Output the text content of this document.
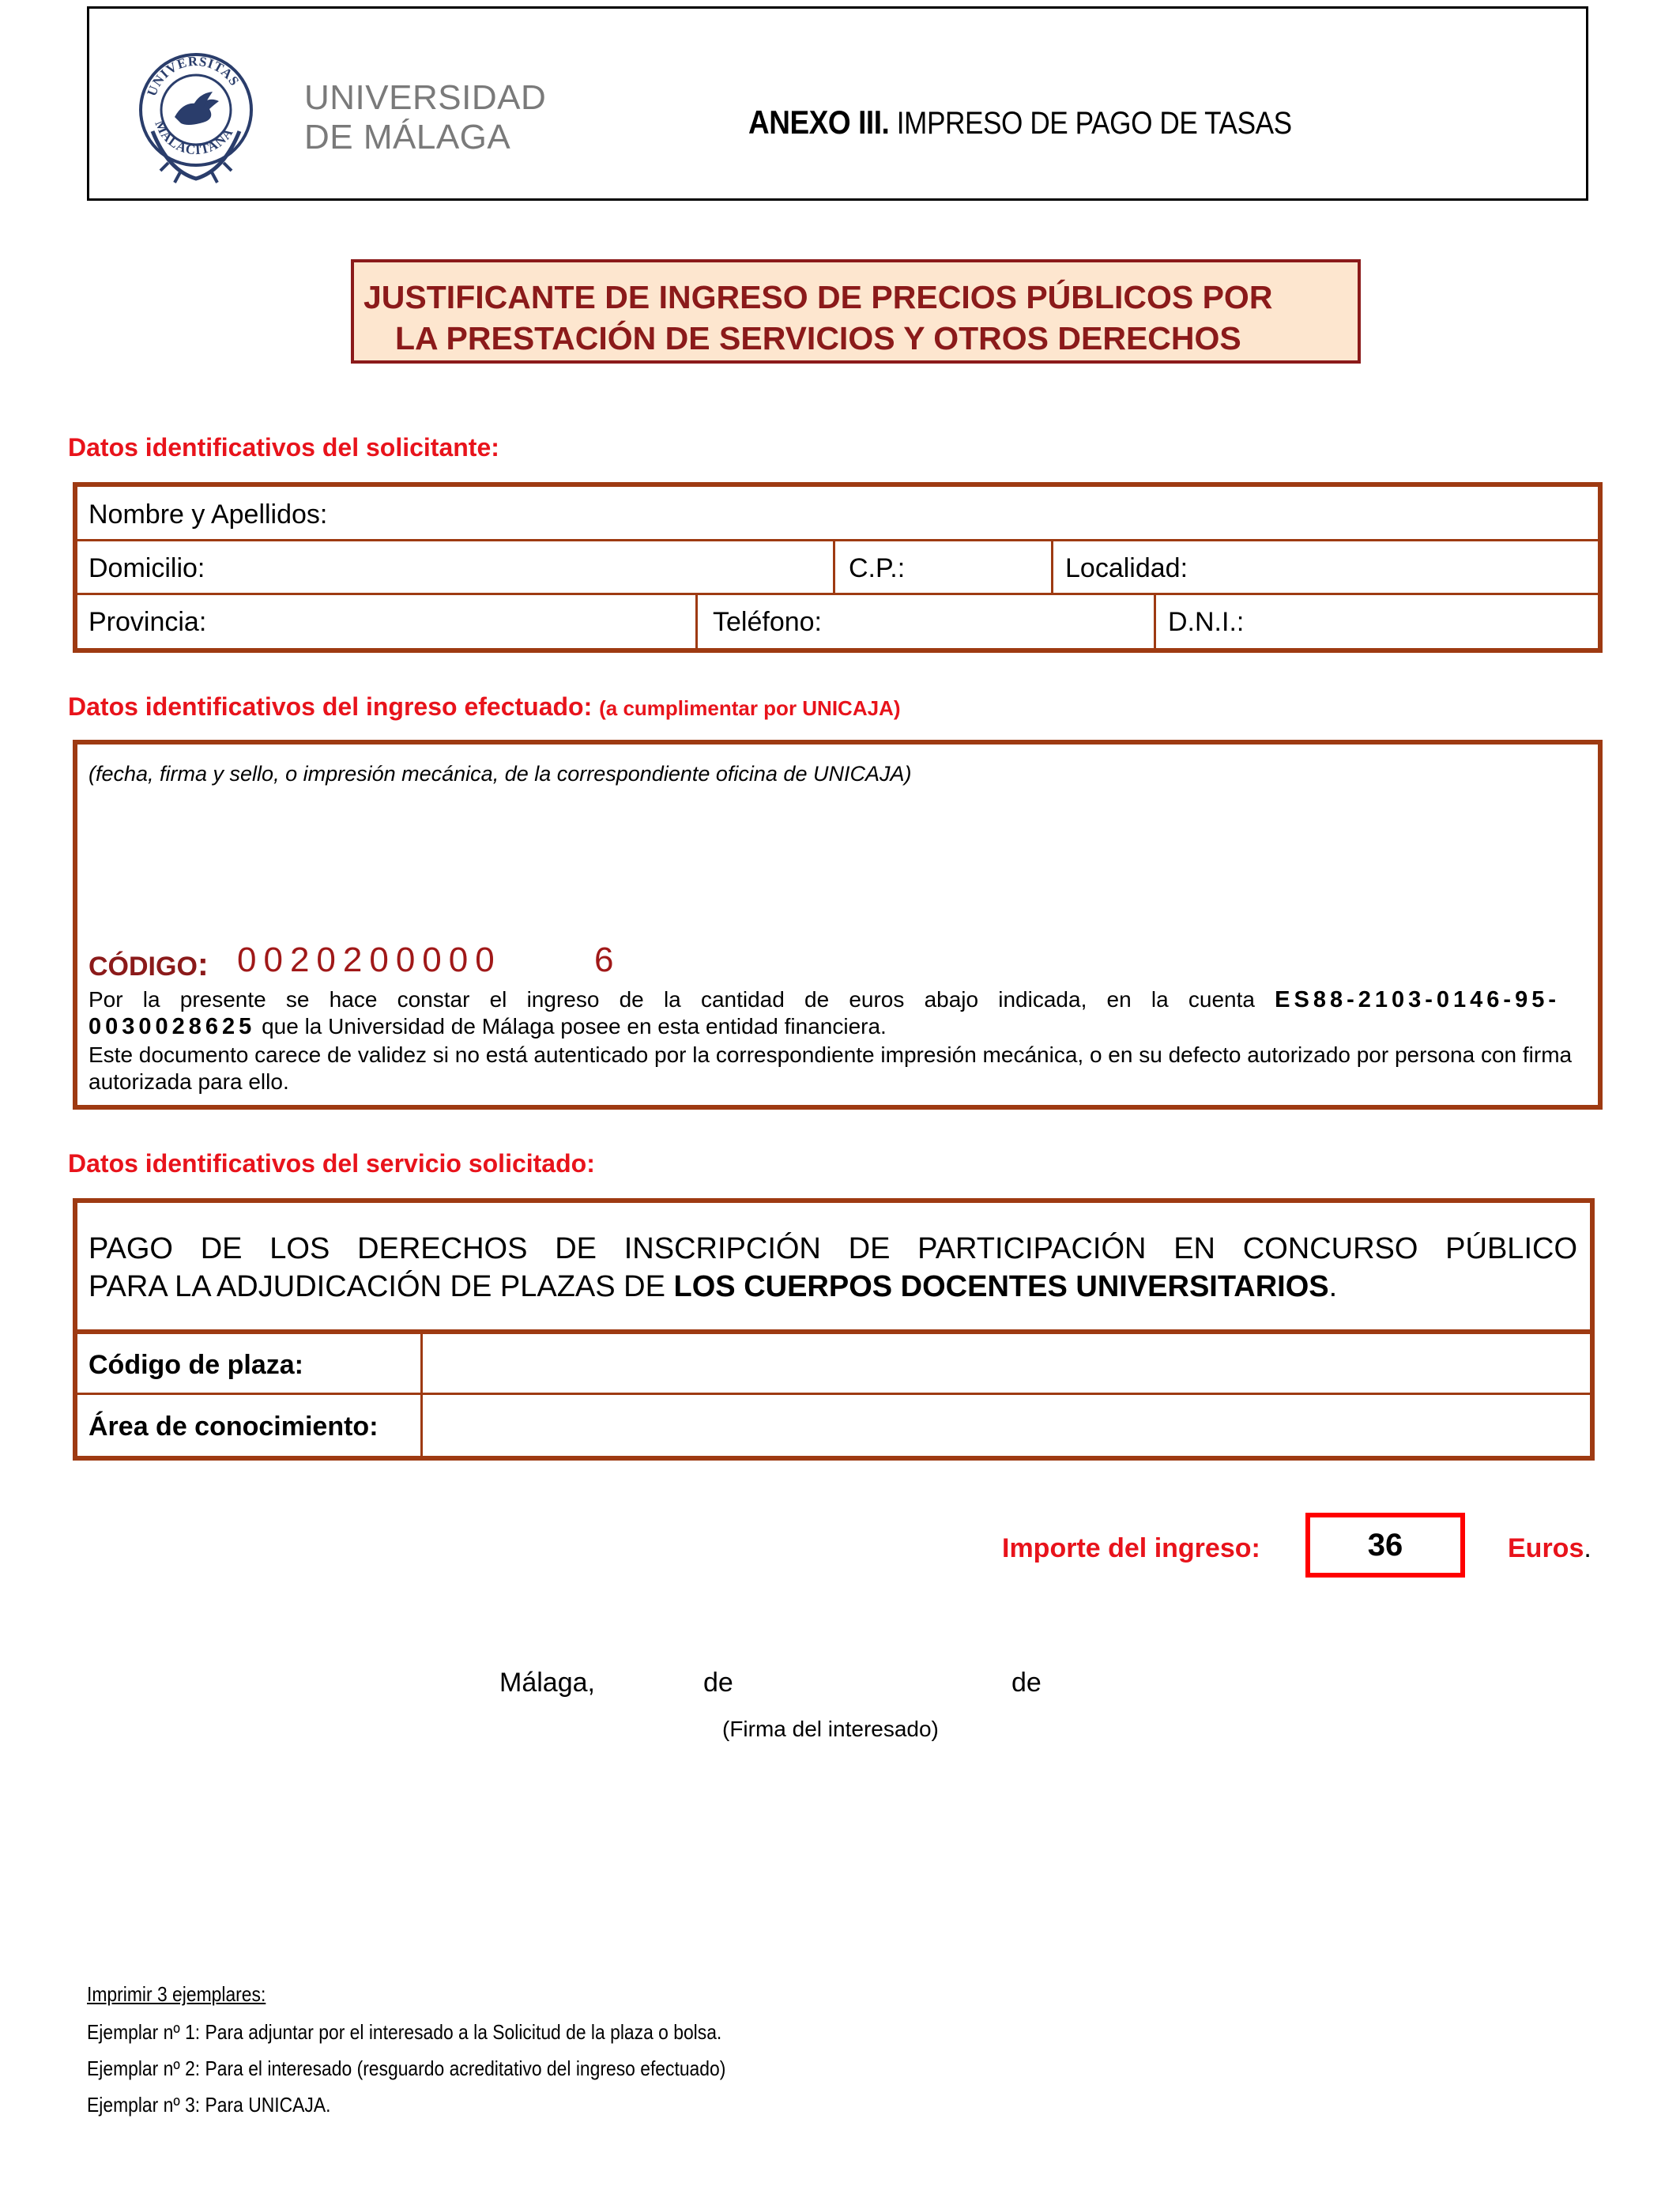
UNIVERSITAS
MALACITANA
UNIVERSIDAD
DE MÁLAGA	ANEXO III. IMPRESO DE PAGO DE TASAS
JUSTIFICANTE DE INGRESO DE PRECIOS PÚBLICOS POR
LA PRESTACIÓN DE SERVICIOS Y OTROS DERECHOS
Datos identificativos del solicitante:
Nombre y Apellidos:
Domicilio:	C.P.:	Localidad:
Provincia:	Teléfono:	D.N.I.:
Datos identificativos del ingreso efectuado: (a cumplimentar por UNICAJA)
(fecha, firma y sello, o impresión mecánica, de la correspondiente oficina de UNICAJA)
CÓDIGO: 0020200000	6
Por la presente se hace constar el ingreso de la cantidad de euros abajo indicada, en la cuenta ES88-2103-0146-95-
0030028625 que la Universidad de Málaga posee en esta entidad financiera.
Este documento carece de validez si no está autenticado por la correspondiente impresión mecánica, o en su defecto autorizado por persona con firma autorizada para ello.
Datos identificativos del servicio solicitado:
PAGO DE LOS DERECHOS DE INSCRIPCIÓN DE PARTICIPACIÓN EN CONCURSO PÚBLICO
PARA LA ADJUDICACIÓN DE PLAZAS DE LOS CUERPOS DOCENTES UNIVERSITARIOS.
Código de plaza:
Área de conocimiento:
Importe del ingreso:	36	Euros.
Málaga,	de	de
(Firma del interesado)
Imprimir 3 ejemplares:
Ejemplar nº 1: Para adjuntar por el interesado a la Solicitud de la plaza o bolsa.
Ejemplar nº 2: Para el interesado (resguardo acreditativo del ingreso efectuado)
Ejemplar nº 3: Para UNICAJA.
